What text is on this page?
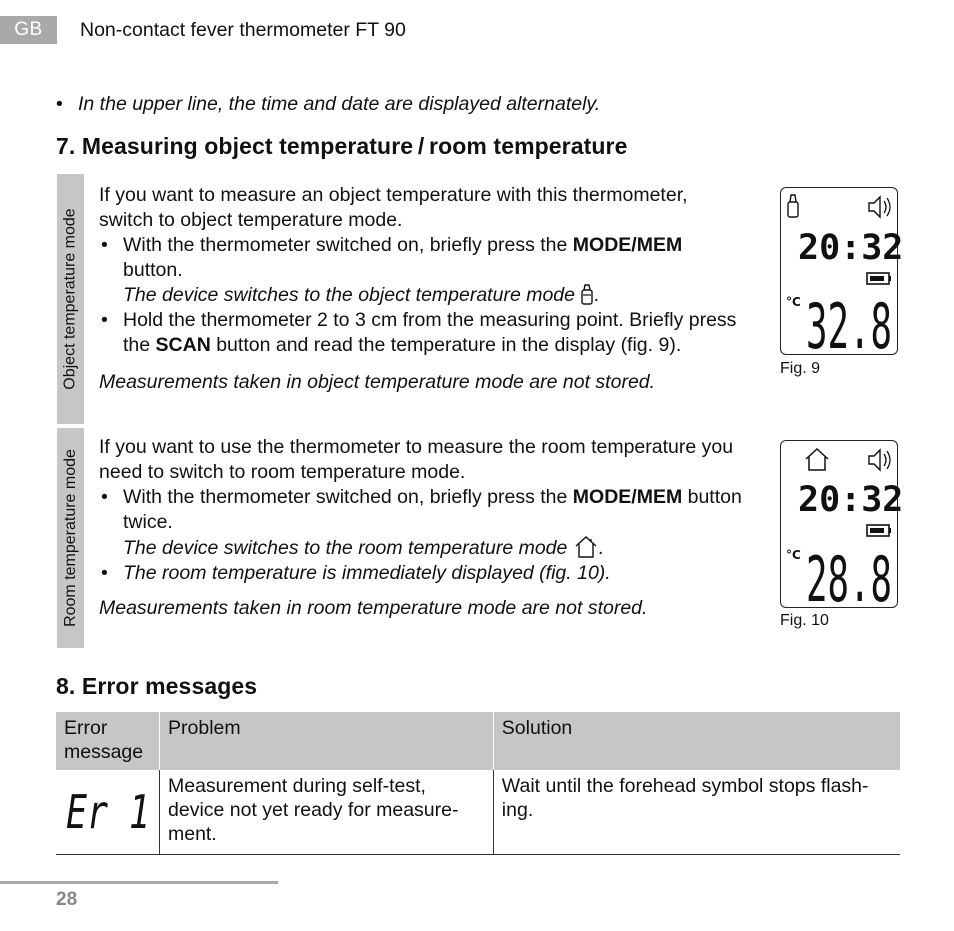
GB	Non-contact fever thermometer FT 90
• In the upper line, the time and date are displayed alternately.
7. Measuring object temperature / room temperature
Object temperature mode

If you want to measure an object temperature with this thermometer, switch to object temperature mode.

• With the thermometer switched on, briefly press the MODE/MEM button.
The device switches to the object temperature mode .
• Hold the thermometer 2 to 3 cm from the measuring point. Briefly press the SCAN button and read the temperature in the display (fig. 9).

Measurements taken in object temperature mode are not stored.

20:32
°C 32.8
Fig. 9
Room temperature mode

If you want to use the thermometer to measure the room temperature you need to switch to room temperature mode.

• With the thermometer switched on, briefly press the MODE/MEM button twice.
The device switches to the room temperature mode .
• The room temperature is immediately displayed (fig. 10).

Measurements taken in room temperature mode are not stored.

20:32
°C 28.8
Fig. 10
8. Error messages
Error message	Problem	Solution

Er 1	Measurement during self-test, device not yet ready for measure-ment.	Wait until the forehead symbol stops flash-ing.
28
